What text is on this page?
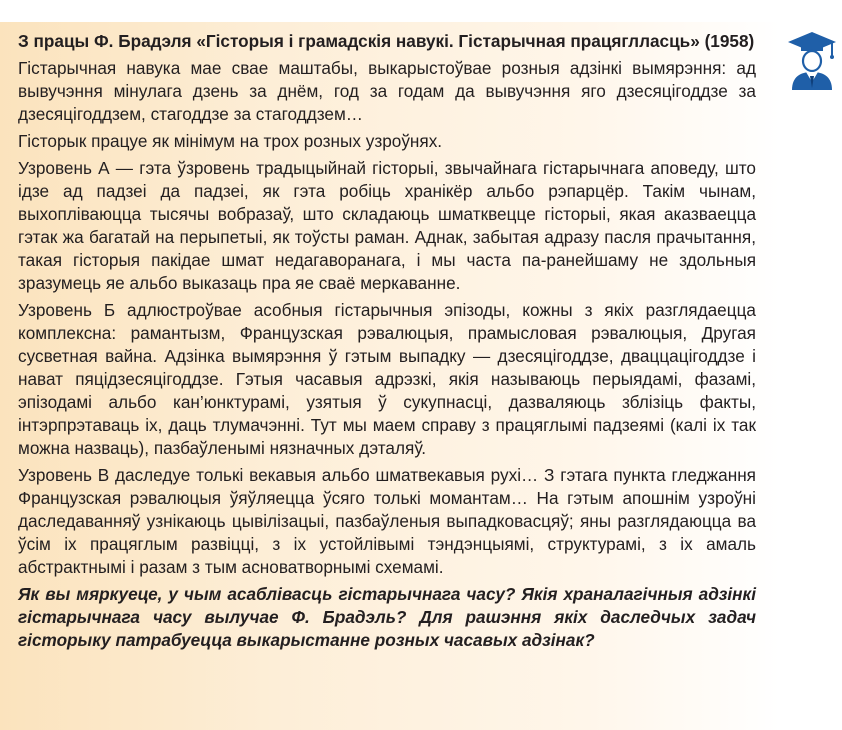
З працы Ф. Брадэля «Гісторыя і грамадскія навукі. Гістарычная працяглласць» (1958)

Гістарычная навука мае свае маштабы, выкарыстоўвае розныя адзінкі вымярэння: ад вывучэння мінулага дзень за днём, год за годам да вывучэння яго дзесяцігоддзе за дзесяцігоддзем, стагоддзе за стагоддзем…

Гісторык працуе як мінімум на трох розных узроўнях.

Узровень А — гэта ўзровень традыцыйнай гісторыі, звычайнага гістарычнага аповеду, што ідзе ад падзеі да падзеі, як гэта робіць хранікёр альбо рэпарцёр. Такім чынам, выхопліваюцца тысячы вобразаў, што складаюць шматквеццe гісторыі, якая аказваецца гэтак жа багатай на перыпетыі, як тоўсты раман. Аднак, забытая адразу пасля прачытання, такая гісторыя пакідае шмат недагаворанага, і мы часта па-ранейшаму не здольныя зразумець яе альбо выказаць пра яе сваё меркаванне.

Узровень Б адлюстроўвае асобныя гістарычныя эпізоды, кожны з якіх разглядаецца комплексна: рамантызм, Французская рэвалюцыя, прамысловая рэвалюцыя, Другая сусветная вайна. Адзінка вымярэння ў гэтым выпадку — дзесяцігоддзе, дваццацігоддзе і нават пяцідзесяцігоддзе. Гэтыя часавыя адрэзкі, якія называюць перыядамі, фазамі, эпізодамі альбо кан’юнктурамі, узятыя ў сукупнасці, дазваляюць зблізіць факты, інтэрпрэтаваць іх, даць тлумачэнні. Тут мы маем справу з працяглымі падзеямі (калі іх так можна назваць), пазбаўленымі нязначных дэталяў.

Узровень В даследуе толькі векавыя альбо шматвекавыя рухі… З гэтага пункта гледжання Французская рэвалюцыя ўяўляецца ўсяго толькі момантам… На гэтым апошнім узроўні даследаванняў узнікаюць цывілізацыі, пазбаўленыя выпадковасцяў; яны разглядаюцца ва ўсім іх працяглым развіцці, з іх устойлівымі тэндэнцыямі, структурамі, з іх амаль абстрактнымі і разам з тым асноватворнымі схемамі.

Як вы мяркуеце, у чым асаблівасць гістарычнага часу? Якія храналагічныя адзінкі гістарычнага часу вылучае Ф. Брадэль? Для рашэння якіх даследчых задач гісторыку патрабуецца выкарыстанне розных часавых адзінак?
